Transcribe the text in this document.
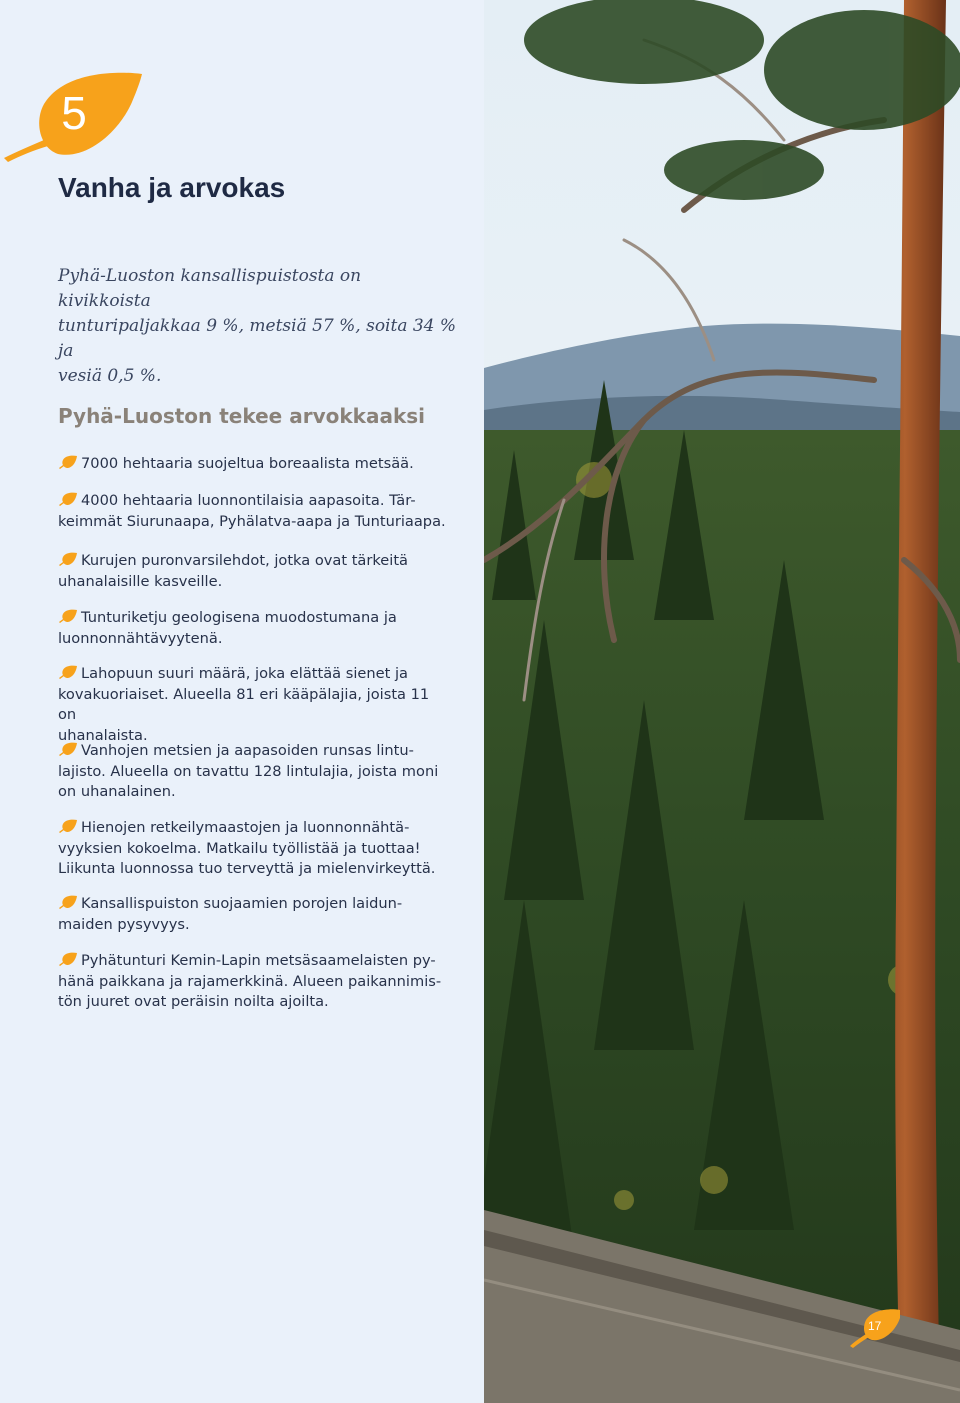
5
Vanha ja arvokas

Pyhä-Luoston kansallispuistosta on kivikkoista
tunturipaljakkaa 9 %, metsiä 57 %, soita 34 % ja
vesiä 0,5 %.

Pyhä-Luoston tekee arvokkaaksi
7000 hehtaaria suojeltua boreaalista metsää.
4000 hehtaaria luonnontilaisia aapasoita. Tär-
keimmät Siurunaapa, Pyhälatva-aapa ja Tunturiaapa.
Kurujen puronvarsilehdot, jotka ovat tärkeitä
uhanalaisille kasveille.
Tunturiketju geologisena muodostumana ja
luonnonnähtävyytenä.
Lahopuun suuri määrä, joka elättää sienet ja
kovakuoriaiset. Alueella 81 eri kääpälajia, joista 11 on
uhanalaista.
Vanhojen metsien ja aapasoiden runsas lintu-
lajisto. Alueella on tavattu 128 lintulajia, joista moni
on uhanalainen.
Hienojen retkeilymaastojen ja luonnonnähtä-
vyyksien kokoelma. Matkailu työllistää ja tuottaa!
Liikunta luonnossa tuo terveyttä ja mielenvirkeyttä.
Kansallispuiston suojaamien porojen laidun-
maiden pysyvyys.
Pyhätunturi Kemin-Lapin metsäsaamelaisten py-
hänä paikkana ja rajamerkkinä. Alueen paikannimis-
tön juuret ovat peräisin noilta ajoilta.
17
